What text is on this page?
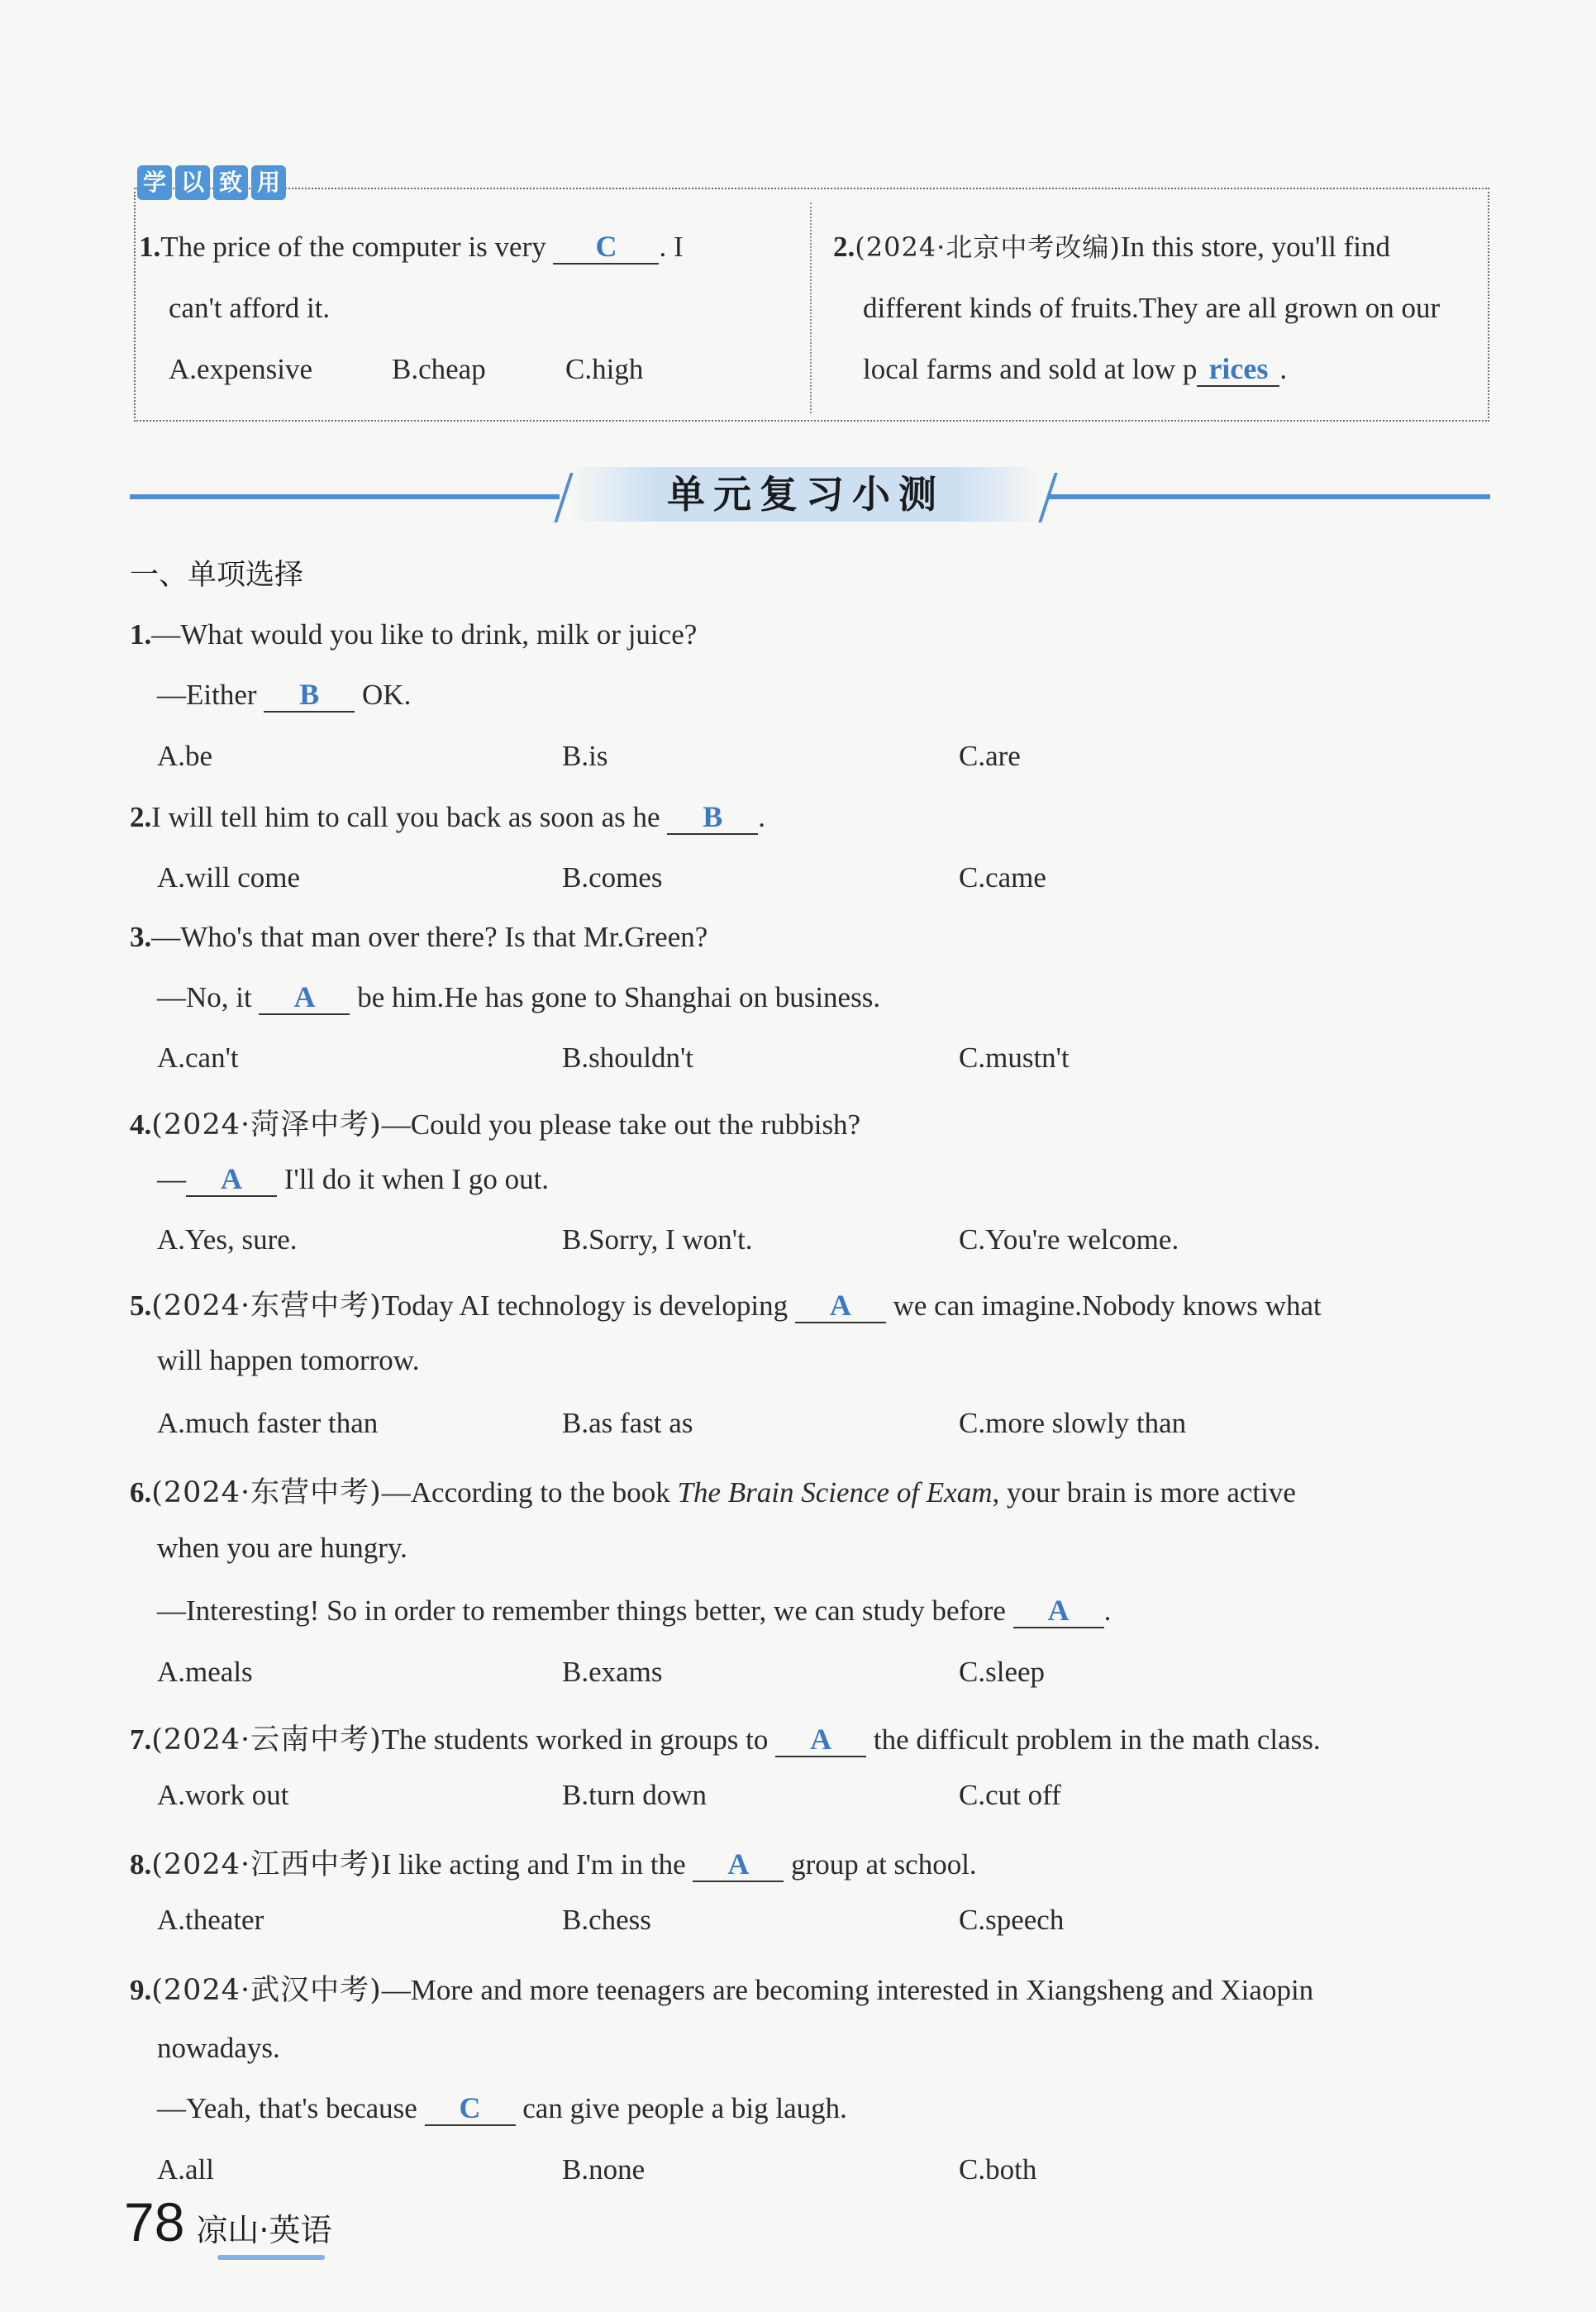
学 以 致 用
1.The price of the computer is very C . I
can't afford it.
A.expensive	B.cheap	C.high
2.(2024·北京中考改编)In this store, you'll find
different kinds of fruits.They are all grown on our
local farms and sold at low p rices .
单元复习小测
一、单项选择
1.—What would you like to drink, milk or juice?
—Either B OK.
A.be	B.is	C.are
2.I will tell him to call you back as soon as he B .
A.will come	B.comes	C.came
3.—Who's that man over there? Is that Mr.Green?
—No, it A be him.He has gone to Shanghai on business.
A.can't	B.shouldn't	C.mustn't
4.(2024·菏泽中考)—Could you please take out the rubbish?
— A I'll do it when I go out.
A.Yes, sure.	B.Sorry, I won't.	C.You're welcome.
5.(2024·东营中考)Today AI technology is developing A we can imagine.Nobody knows what
will happen tomorrow.
A.much faster than	B.as fast as	C.more slowly than
6.(2024·东营中考)—According to the book The Brain Science of Exam, your brain is more active
when you are hungry.
—Interesting! So in order to remember things better, we can study before A .
A.meals	B.exams	C.sleep
7.(2024·云南中考)The students worked in groups to A the difficult problem in the math class.
A.work out	B.turn down	C.cut off
8.(2024·江西中考)I like acting and I'm in the A group at school.
A.theater	B.chess	C.speech
9.(2024·武汉中考)—More and more teenagers are becoming interested in Xiangsheng and Xiaopin
nowadays.
—Yeah, that's because C can give people a big laugh.
A.all	B.none	C.both
78 凉山·英语
